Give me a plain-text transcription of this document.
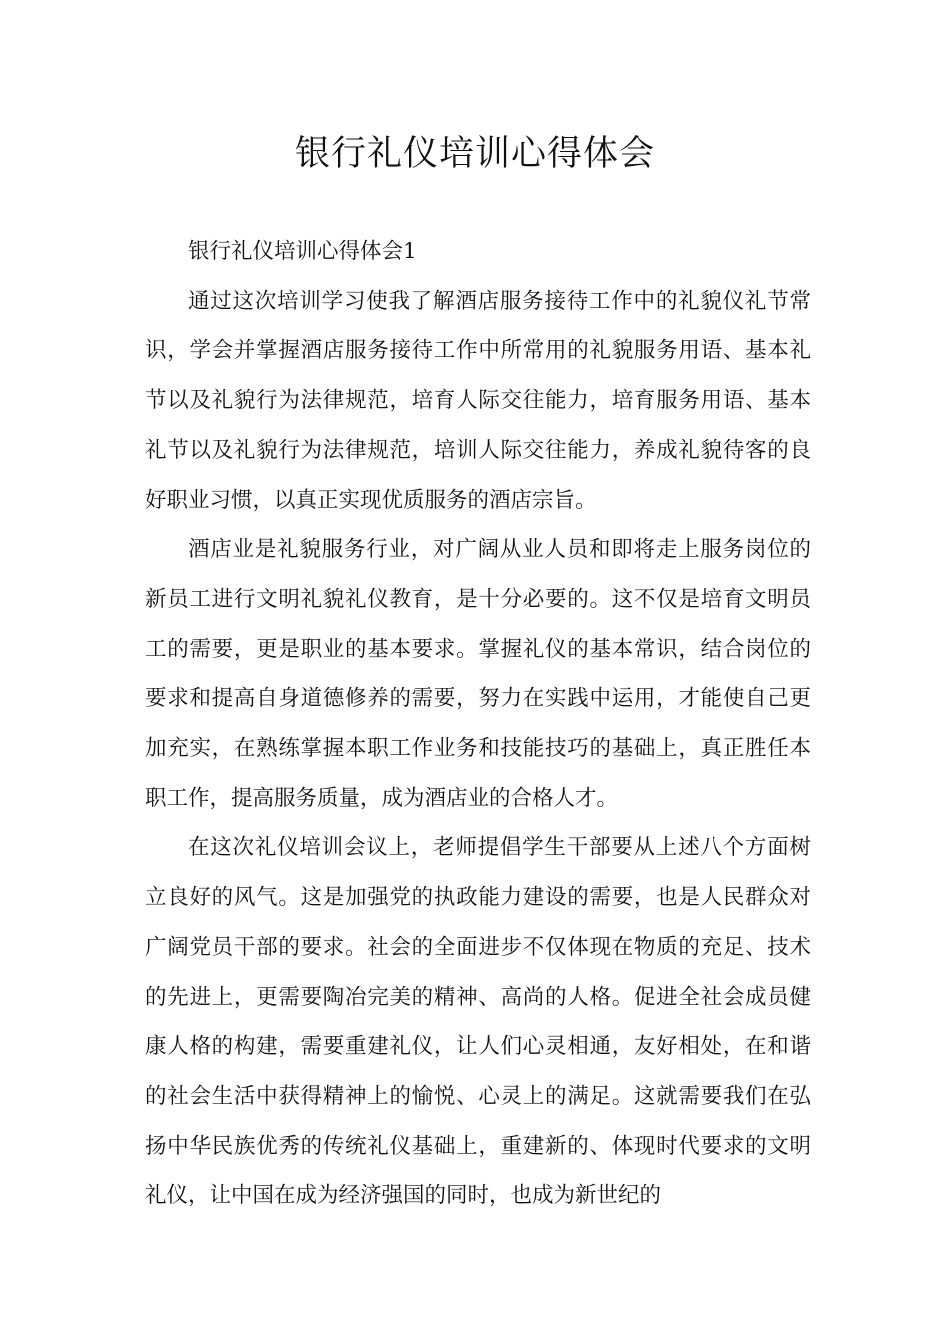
银行礼仪培训心得体会

银行礼仪培训心得体会1

通过这次培训学习使我了解酒店服务接待工作中的礼貌仪礼节常识，学会并掌握酒店服务接待工作中所常用的礼貌服务用语、基本礼节以及礼貌行为法律规范，培育人际交往能力，培育服务用语、基本礼节以及礼貌行为法律规范，培训人际交往能力，养成礼貌待客的良好职业习惯，以真正实现优质服务的酒店宗旨。

酒店业是礼貌服务行业，对广阔从业人员和即将走上服务岗位的新员工进行文明礼貌礼仪教育，是十分必要的。这不仅是培育文明员工的需要，更是职业的基本要求。掌握礼仪的基本常识，结合岗位的要求和提高自身道德修养的需要，努力在实践中运用，才能使自己更加充实，在熟练掌握本职工作业务和技能技巧的基础上，真正胜任本职工作，提高服务质量，成为酒店业的合格人才。

在这次礼仪培训会议上，老师提倡学生干部要从上述八个方面树立良好的风气。这是加强党的执政能力建设的需要，也是人民群众对广阔党员干部的要求。社会的全面进步不仅体现在物质的充足、技术的先进上，更需要陶冶完美的精神、高尚的人格。促进全社会成员健康人格的构建，需要重建礼仪，让人们心灵相通，友好相处，在和谐的社会生活中获得精神上的愉悦、心灵上的满足。这就需要我们在弘扬中华民族优秀的传统礼仪基础上，重建新的、体现时代要求的文明礼仪，让中国在成为经济强国的同时，也成为新世纪的
